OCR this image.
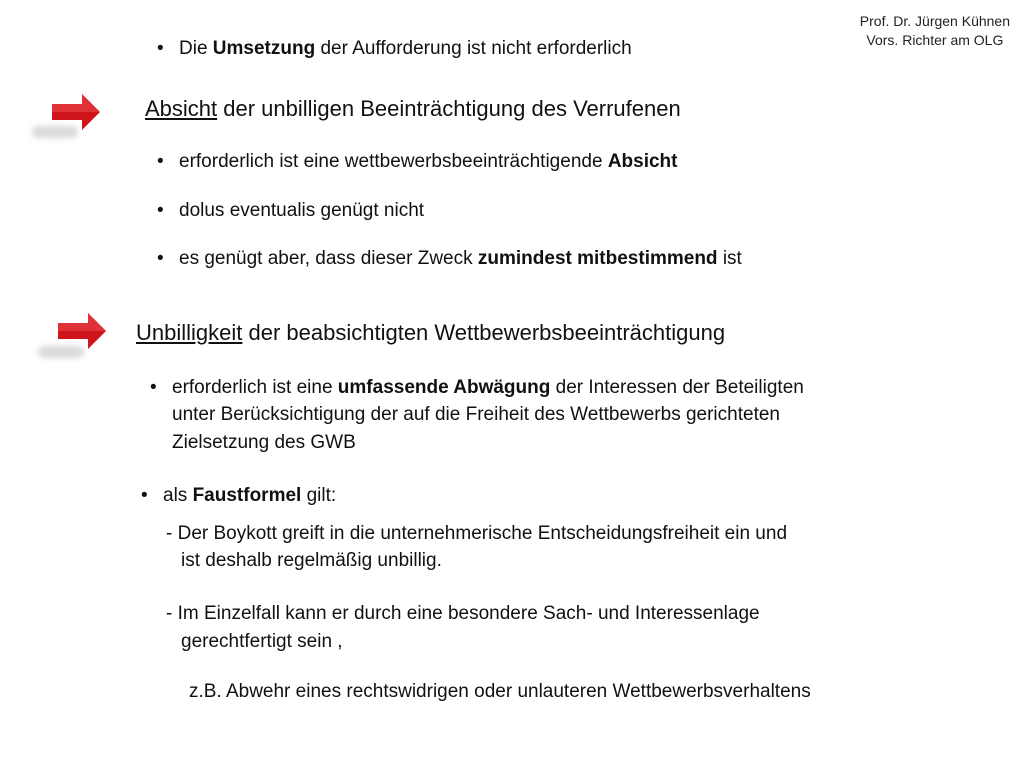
Prof. Dr. Jürgen Kühnen
Vors. Richter am OLG
• Die Umsetzung der Aufforderung ist nicht erforderlich
Absicht der unbilligen Beeinträchtigung des Verrufenen
• erforderlich ist eine wettbewerbsbeeinträchtigende Absicht
• dolus eventualis genügt nicht
• es genügt aber, dass dieser Zweck zumindest mitbestimmend ist
Unbilligkeit der beabsichtigten Wettbewerbsbeeinträchtigung
• erforderlich ist eine umfassende Abwägung der Interessen der Beteiligten
unter Berücksichtigung der auf die Freiheit des Wettbewerbs gerichteten
Zielsetzung des GWB
• als Faustformel gilt:
- Der Boykott greift in die unternehmerische Entscheidungsfreiheit ein und
ist deshalb regelmäßig unbillig.
- Im Einzelfall kann er durch eine besondere Sach- und Interessenlage
gerechtfertigt sein ,
z.B. Abwehr eines rechtswidrigen oder unlauteren Wettbewerbsverhaltens
